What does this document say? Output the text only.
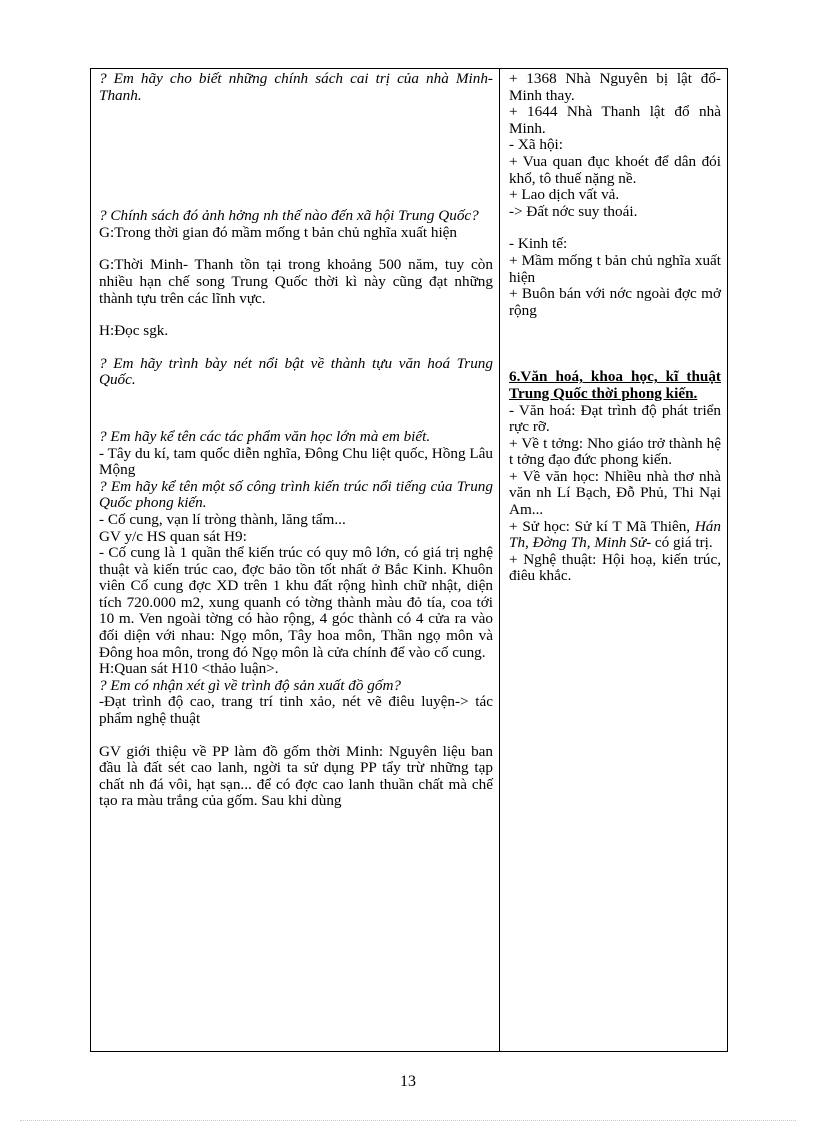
? Em hãy cho biết những chính sách cai trị của nhà Minh- Thanh.

? Chính sách đó ảnh hởng nh thế nào đến xã hội Trung Quốc?

G:Trong thời gian đó mầm mống t bản chủ nghĩa xuất hiện

G:Thời Minh- Thanh tồn tại trong khoảng 500 năm, tuy còn nhiều hạn chế song Trung Quốc thời kì này cũng đạt những thành tựu trên các lĩnh vực.

H:Đọc sgk.

? Em hãy trình bày nét nổi bật về thành tựu văn hoá Trung Quốc.

? Em hãy kể tên các tác phẩm văn học lớn mà em biết.

- Tây du kí, tam quốc diễn nghĩa, Đông Chu liệt quốc, Hồng Lâu Mộng

? Em hãy kể tên một số công trình kiến trúc nổi tiếng của Trung Quốc phong kiến.

- Cố cung, vạn lí tròng thành, lăng tẩm...

GV y/c HS quan sát H9:

- Cố cung là 1 quần thể kiến trúc có quy mô lớn, có giá trị nghệ thuật và kiến trúc cao, đợc bảo tồn tốt nhất ở Bắc Kinh. Khuôn viên Cố cung đợc XD trên 1 khu đất rộng hình chữ nhật, diện tích 720.000 m2, xung quanh có tờng thành màu đỏ tía, coa tới 10 m. Ven ngoài tờng có hào rộng, 4 góc thành có 4 cửa ra vào đối diện với nhau: Ngọ môn, Tây hoa môn, Thần ngọ môn và Đông hoa môn, trong đó Ngọ môn là cửa chính để vào cố cung.

H:Quan sát H10 <thảo luận>.

? Em có nhận xét gì về trình độ sản xuất đồ gốm?

-Đạt trình độ cao, trang trí tinh xảo, nét vẽ điêu luyện-> tác phẩm nghệ thuật

GV giới thiệu về PP làm đồ gốm thời Minh: Nguyên liệu ban đầu là đất sét cao lanh, ngời ta sử dụng PP tẩy trừ những tạp chất nh đá vôi, hạt sạn... để có đợc cao lanh thuần chất mà chế tạo ra màu trắng của gốm. Sau khi dùng

+ 1368 Nhà Nguyên bị lật đổ- Minh thay.

+ 1644 Nhà Thanh lật đổ nhà Minh.

- Xã hội:

+ Vua quan đục khoét để dân đói khổ, tô thuế nặng nề.

+ Lao dịch vất vả.

-> Đất nớc suy thoái.

- Kinh tế:

+ Mầm mống t bản chủ nghĩa xuất hiện

+ Buôn bán với nớc ngoài đợc mở rộng

6.Văn hoá, khoa học, kĩ thuật Trung Quốc thời phong kiến.

- Văn hoá: Đạt trình độ phát triển rực rỡ.

+ Về t tởng: Nho giáo trở thành hệ t tởng đạo đức phong kiến.

+ Về văn học: Nhiều nhà thơ nhà văn nh Lí Bạch, Đỗ Phủ, Thi Nại Am...

+ Sử học: Sử kí T Mã Thiên, Hán Th, Đờng Th, Minh Sử- có giá trị.

+ Nghệ thuật: Hội hoạ, kiến trúc, điêu khắc.

13
